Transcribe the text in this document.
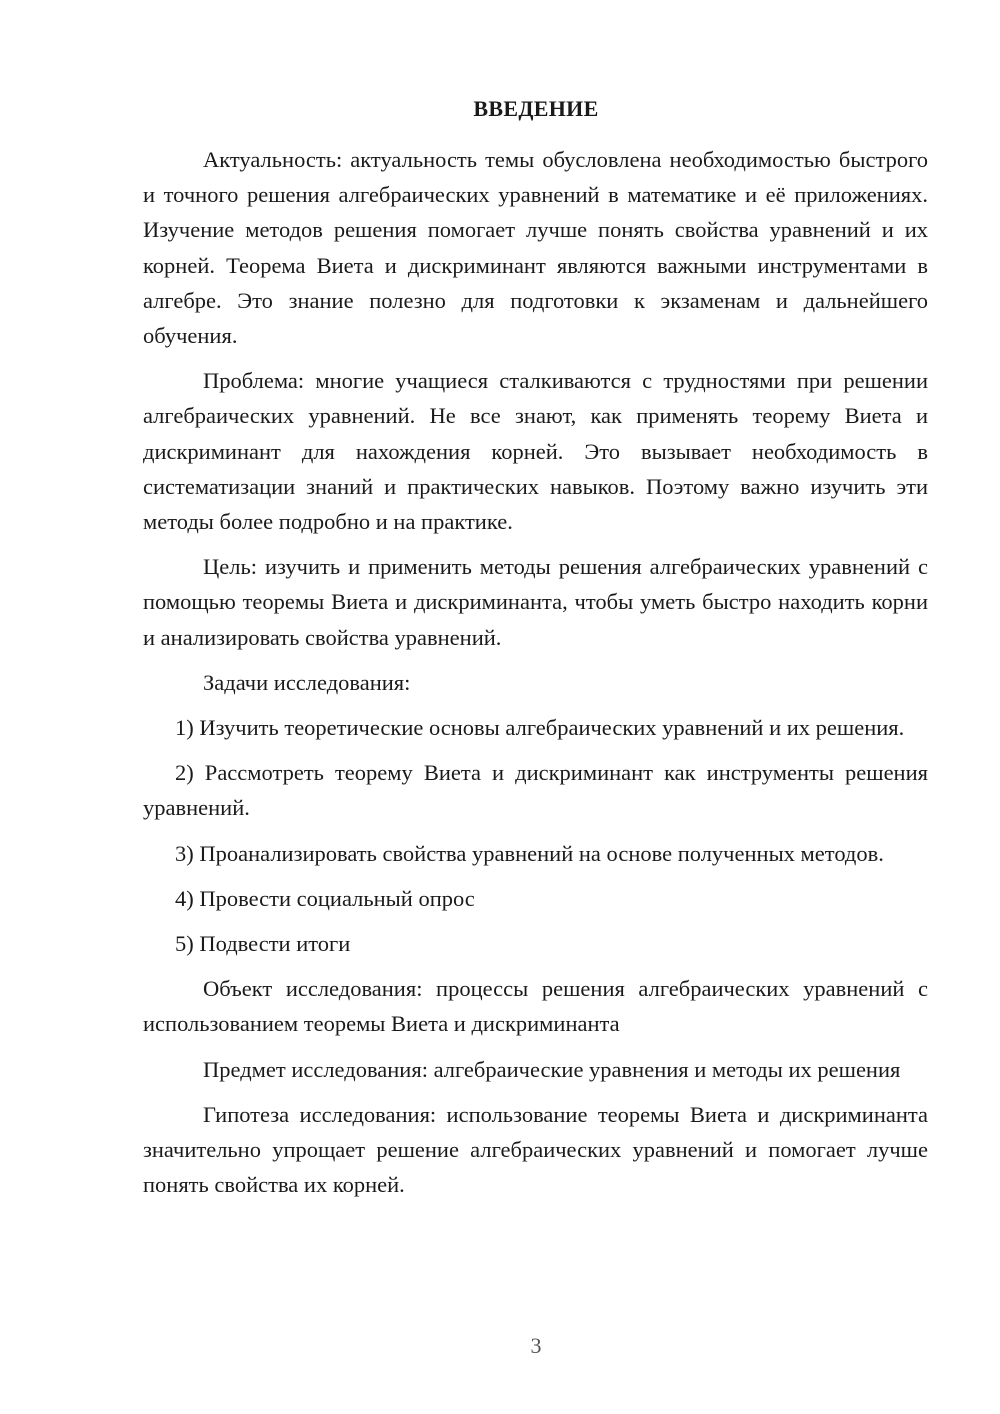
ВВЕДЕНИЕ

Актуальность: актуальность темы обусловлена необходимостью быстрого и точного решения алгебраических уравнений в математике и её приложениях. Изучение методов решения помогает лучше понять свойства уравнений и их корней. Теорема Виета и дискриминант являются важными инструментами в алгебре. Это знание полезно для подготовки к экзаменам и дальнейшего обучения.

Проблема: многие учащиеся сталкиваются с трудностями при решении алгебраических уравнений. Не все знают, как применять теорему Виета и дискриминант для нахождения корней. Это вызывает необходимость в систематизации знаний и практических навыков. Поэтому важно изучить эти методы более подробно и на практике.

Цель: изучить и применить методы решения алгебраических уравнений с помощью теоремы Виета и дискриминанта, чтобы уметь быстро находить корни и анализировать свойства уравнений.

Задачи исследования:

1) Изучить теоретические основы алгебраических уравнений и их решения.

2) Рассмотреть теорему Виета и дискриминант как инструменты решения уравнений.

3) Проанализировать свойства уравнений на основе полученных методов.

4) Провести социальный опрос

5) Подвести итоги

Объект исследования: процессы решения алгебраических уравнений с использованием теоремы Виета и дискриминанта

Предмет исследования: алгебраические уравнения и методы их решения

Гипотеза исследования: использование теоремы Виета и дискриминанта значительно упрощает решение алгебраических уравнений и помогает лучше понять свойства их корней.

3
